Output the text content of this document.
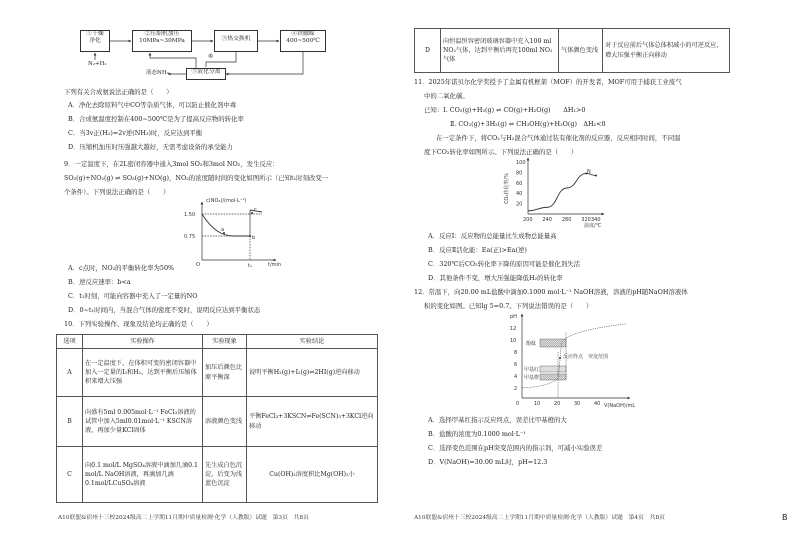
①干燥
净化
②压缩机加压
10MPa~30MPa	③热交换机
④铁触媒
400~500℃
⑤液化分离
⑥
N₂+H₂
液态NH₃
下列有关合成氨说法正确的是（　　）
A．净化去除原料气中CO等杂质气体，可以防止催化剂中毒
B．合成氨温度控制在400~500℃是为了提高反应物的转化率
C．当3v正(H₂)=2v逆(NH₃)时，反应达到平衡
D．压缩机加压时压强越大越好，无需考虑设备的承受能力
9．一定温度下，在2L密闭容器中通入3mol SO₂和3mol NO₂，发生反应：
SO₂(g)+NO₂(g) ⇌ SO₃(g)+NO(g)，NO₂的浓度随时间的变化如图所示（已知t₁时刻改变一
个条件）。下列说法正确的是（　　）
c(NO₂)/(mol·L⁻¹)
t/min
O
1.50
0.75
t₁
a
b
c
A．c点时，NO₂的平衡转化率为50%
B．逆反应速率：b<a
C．t₁时刻，可能向容器中充入了一定量的NO
D．0~t₁时间内，当混合气体的密度不变时，说明反应达到平衡状态
10．下列实验操作、现象及结论均正确的是（　　）
选项	实验操作	实验现象	实验结论
A	在一定温度下，在体积可变的密闭容器中加入一定量的I₂和H₂，达到平衡后压缩体积来增大压强	加压后颜色比原平衡深	说明平衡H₂(g)+I₂(g)⇌2HI(g)逆向移动
B	向盛有5ml 0.005mol·L⁻¹ FeCl₃溶液的试管中加入5ml0.01mol·L⁻¹ KSCN溶液，再加少量KCl固体	溶液颜色变浅	平衡FeCl₃+3KSCN⇌Fe(SCN)₃+3KCl逆向移动
C	向0.1 mol/L MgSO₄溶液中滴加几滴0.1 mol/L NaOH溶液，再滴加几滴0.1mol/LCuSO₄溶液	先生成白色沉淀，后变为浅蓝色沉淀	Cu(OH)₂溶度积比Mg(OH)₂小
A10联盟&宿州十三校2024级高二上学期11月期中质量检测·化学（人教版）试题　第3页　共8页
D	向恒温恒容密闭玻璃容器中充入100 ml NO₂气体，达到平衡后再充100ml NO₂气体	气体颜色变浅	对于反应前后气体总体积减小的可逆反应，增大压强平衡正向移动
11．2025年诺贝尔化学奖授予了金属有机框架（MOF）的开发者，MOF可用于捕获工业废气
中的二氧化碳。
已知：Ⅰ. CO₂(g)+H₂(g) ⇌ CO(g)+H₂O(g)　　ΔH₁>0
Ⅱ. CO₂(g)+3H₂(g) ⇌ CH₃OH(g)+H₂O(g)　ΔH₂<0
在一定条件下，将CO₂与H₂混合气体通过装有催化剂的反应器，反应相同时间，不同温
度下CO₂转化率如图所示。下列说法正确的是（　　）
200 240 280 320 340
20
40
60
80
100
CO₂转化率/%
温度/℃
N
A．反应Ⅰ：反应物的总能量比生成物总能量高
B．反应Ⅱ活化能：Ea(正)>Ea(逆)
C．320℃后CO₂转化率下降的原因可能是催化剂失活
D．其他条件不变，增大压强能降低H₂的转化率
12．常温下，向20.00 mL盐酸中滴加0.1000 mol·L⁻¹ NaOH溶液，溶液的pH随NaOH溶液体
积的变化如图。已知lg 5=0.7。下列说法错误的是（　　）
pH
V(NaOH)/mL
0
12
10
8
6
4
2
10	20	30	40
酚酞
反应终点 突变范围
甲基红
甲基橙
A．选择甲基红指示反应终点，误差比甲基橙的大
B．盐酸的浓度为0.1000 mol·L⁻¹
C．选择变色范围在pH突变范围内的指示剂，可减小实验误差
D．V(NaOH)=30.00 mL时，pH=12.3
A10联盟&宿州十三校2024级高二上学期11月期中质量检测·化学（人教版）试题　第4页　共8页	B
